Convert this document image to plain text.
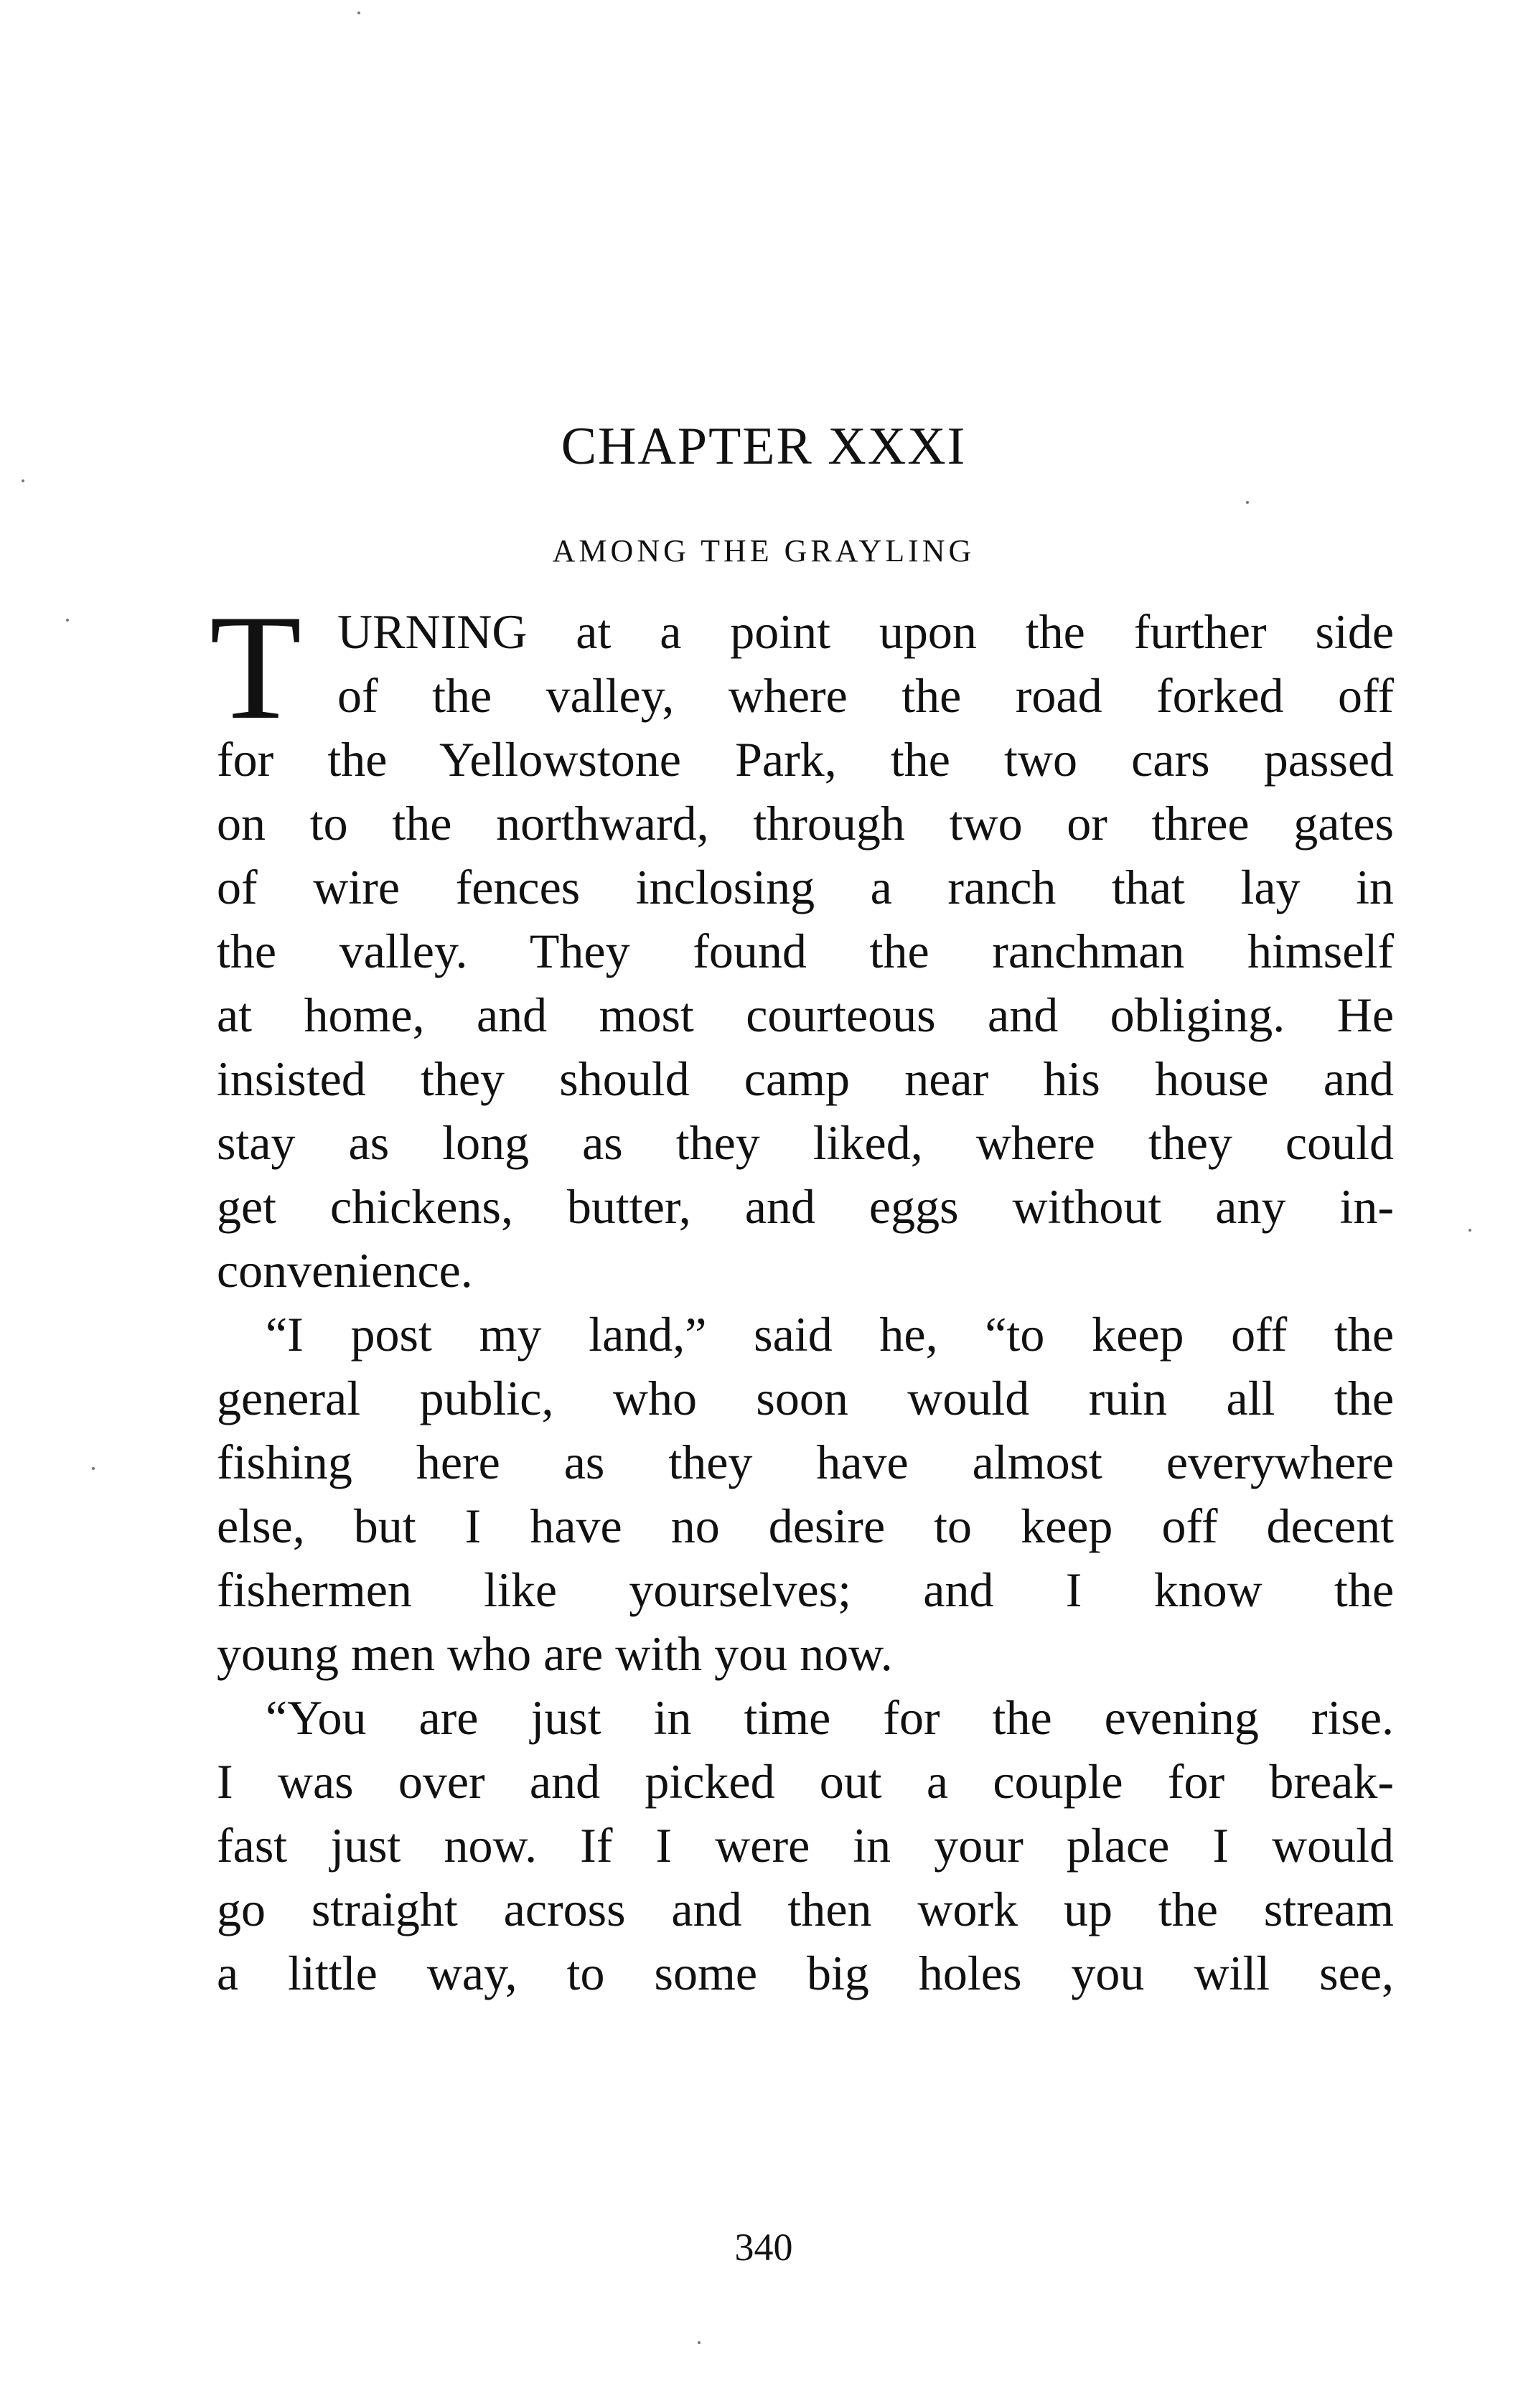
CHAPTER XXXI
AMONG THE GRAYLING
T URNING at a point upon the further side
of the valley, where the road forked off
for the Yellowstone Park, the two cars passed
on to the northward, through two or three gates
of wire fences inclosing a ranch that lay in
the valley. They found the ranchman himself
at home, and most courteous and obliging. He
insisted they should camp near his house and
stay as long as they liked, where they could
get chickens, butter, and eggs without any in-
convenience.
“I post my land,” said he, “to keep off the
general public, who soon would ruin all the
fishing here as they have almost everywhere
else, but I have no desire to keep off decent
fishermen like yourselves; and I know the
young men who are with you now.
“You are just in time for the evening rise.
I was over and picked out a couple for break-
fast just now. If I were in your place I would
go straight across and then work up the stream
a little way, to some big holes you will see,
340
